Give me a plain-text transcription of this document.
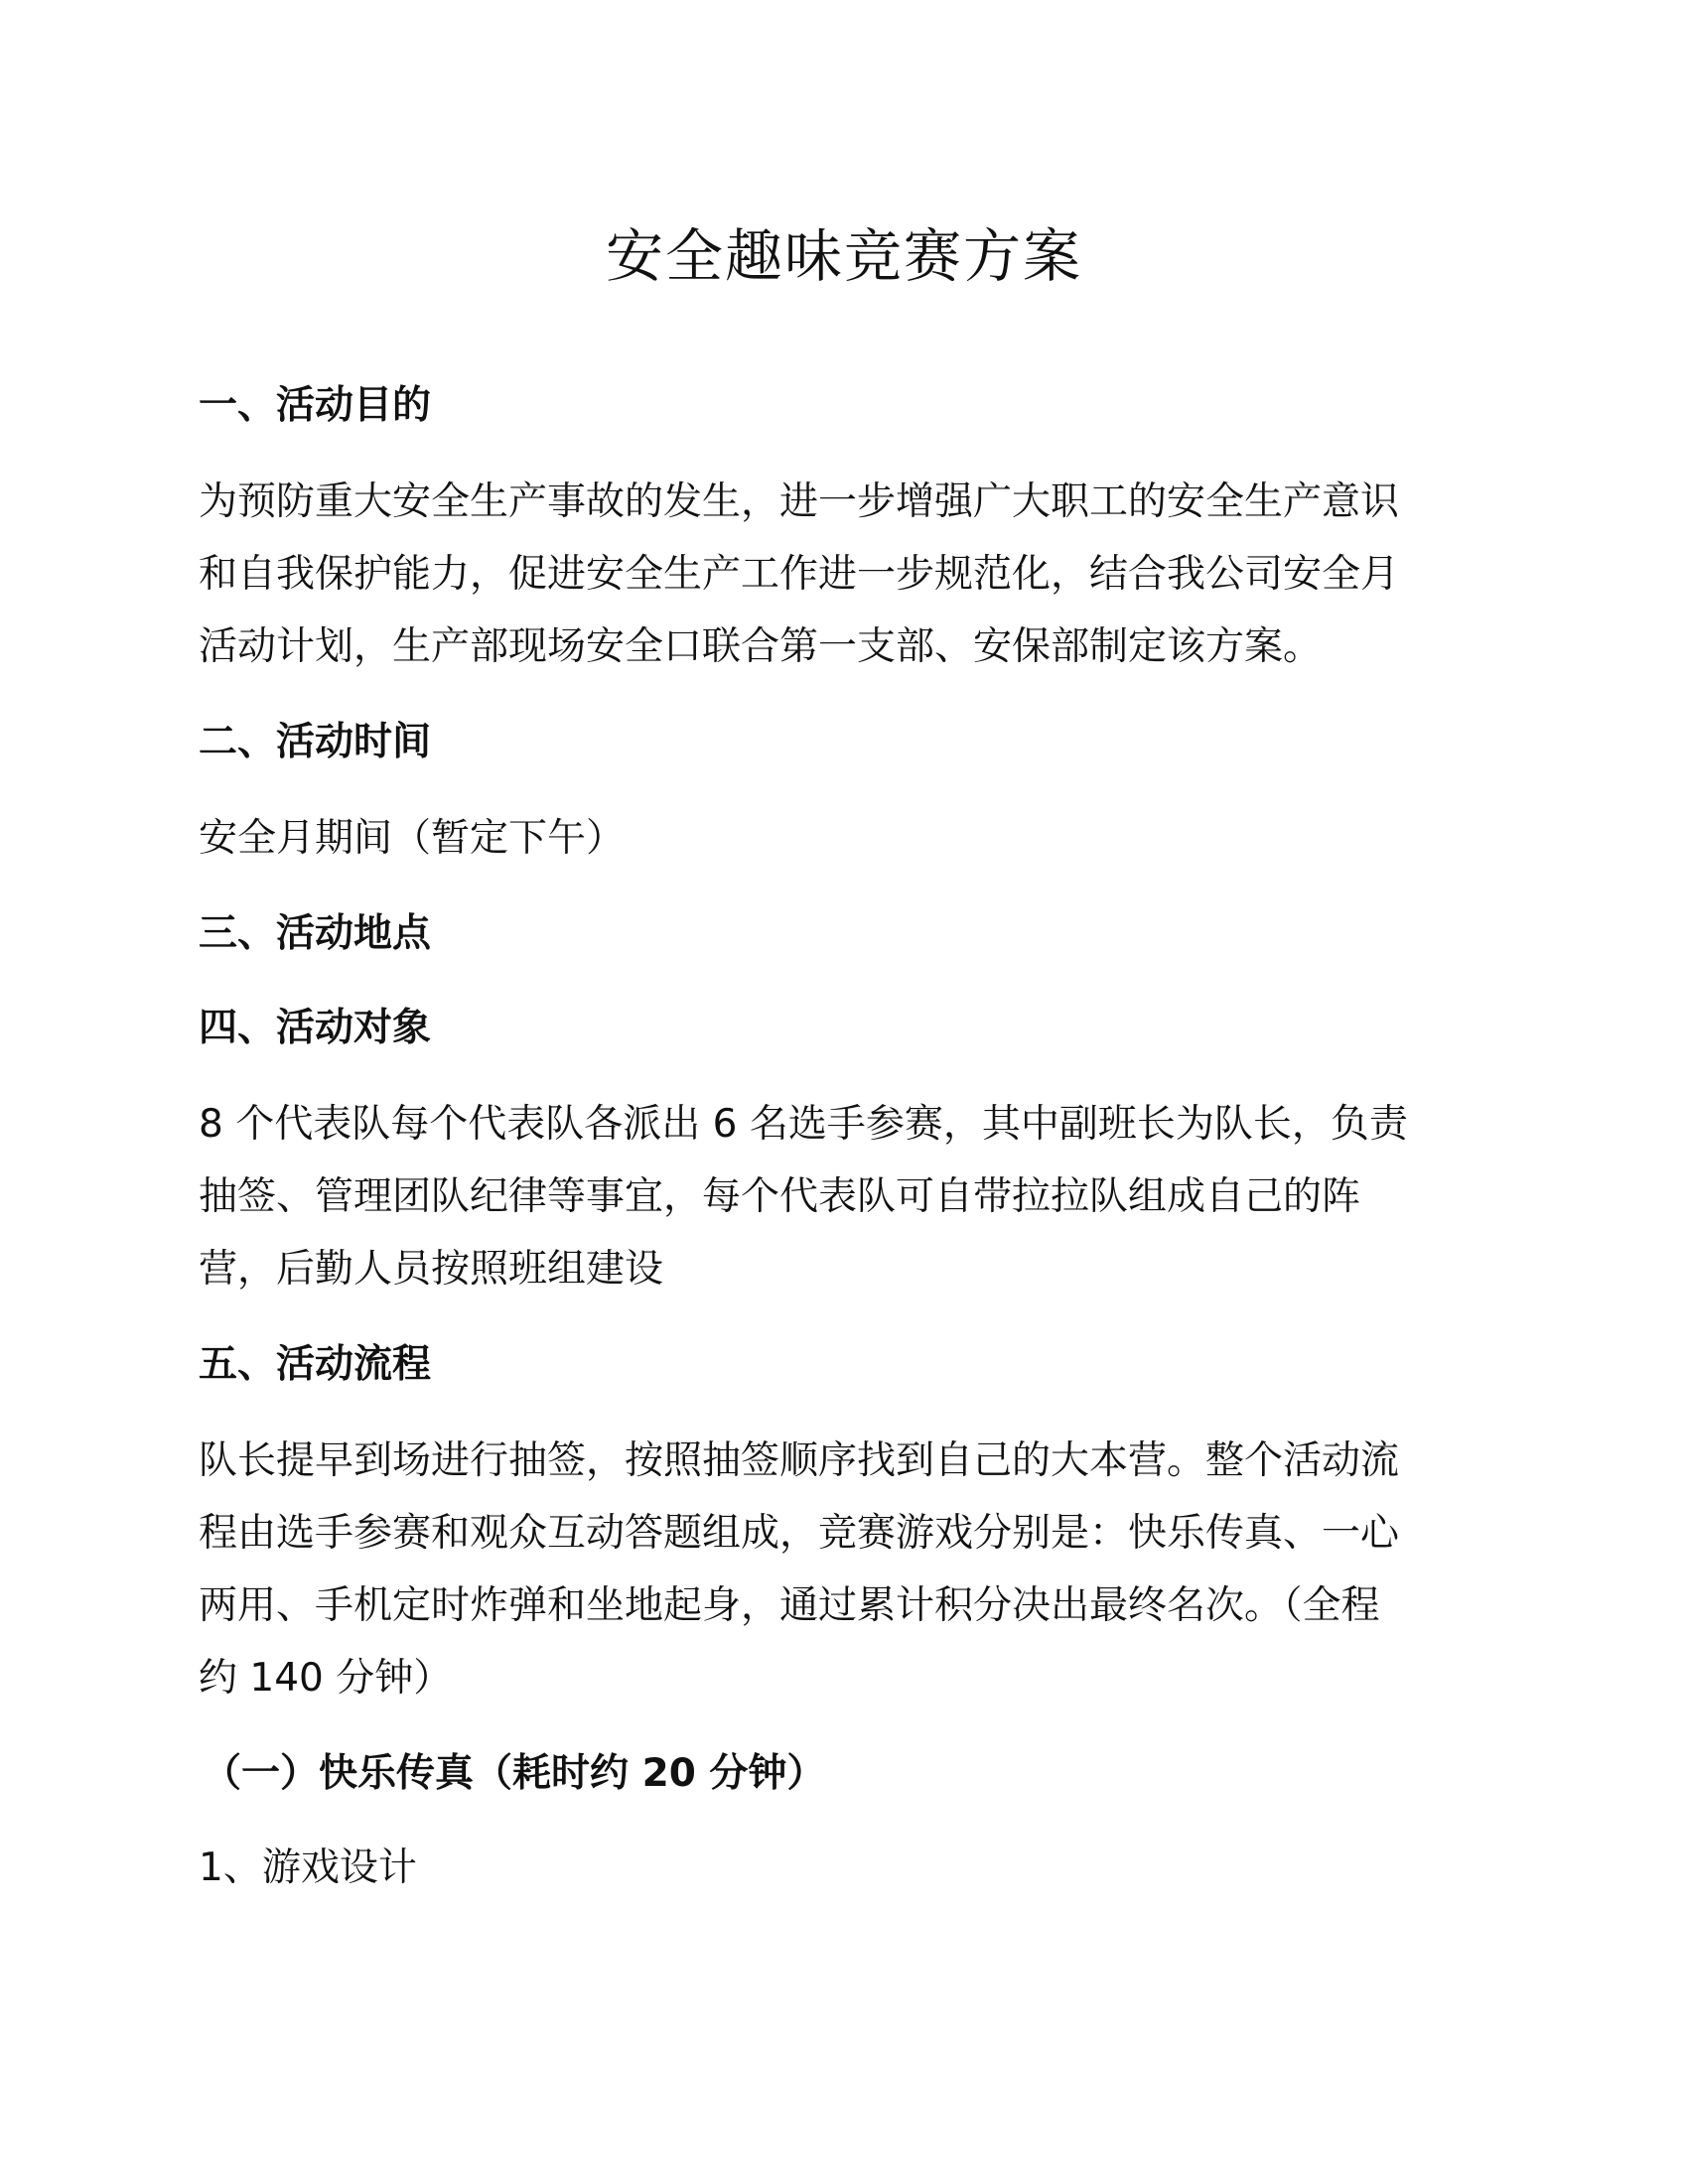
安全趣味竞赛方案
一、活动目的
为预防重大安全生产事故的发生，进一步增强广大职工的安全生产意识
和自我保护能力，促进安全生产工作进一步规范化，结合我公司安全月
活动计划，生产部现场安全口联合第一支部、安保部制定该方案。
二、活动时间
安全月期间（暂定下午）
三、活动地点
四、活动对象
8 个代表队每个代表队各派出 6 名选手参赛，其中副班长为队长，负责
抽签、管理团队纪律等事宜，每个代表队可自带拉拉队组成自己的阵
营，后勤人员按照班组建设
五、活动流程
队长提早到场进行抽签，按照抽签顺序找到自己的大本营。整个活动流
程由选手参赛和观众互动答题组成，竞赛游戏分别是：快乐传真、一心
两用、手机定时炸弹和坐地起身，通过累计积分决出最终名次。（全程
约 140 分钟）
（一）快乐传真（耗时约 20 分钟）
1、游戏设计
